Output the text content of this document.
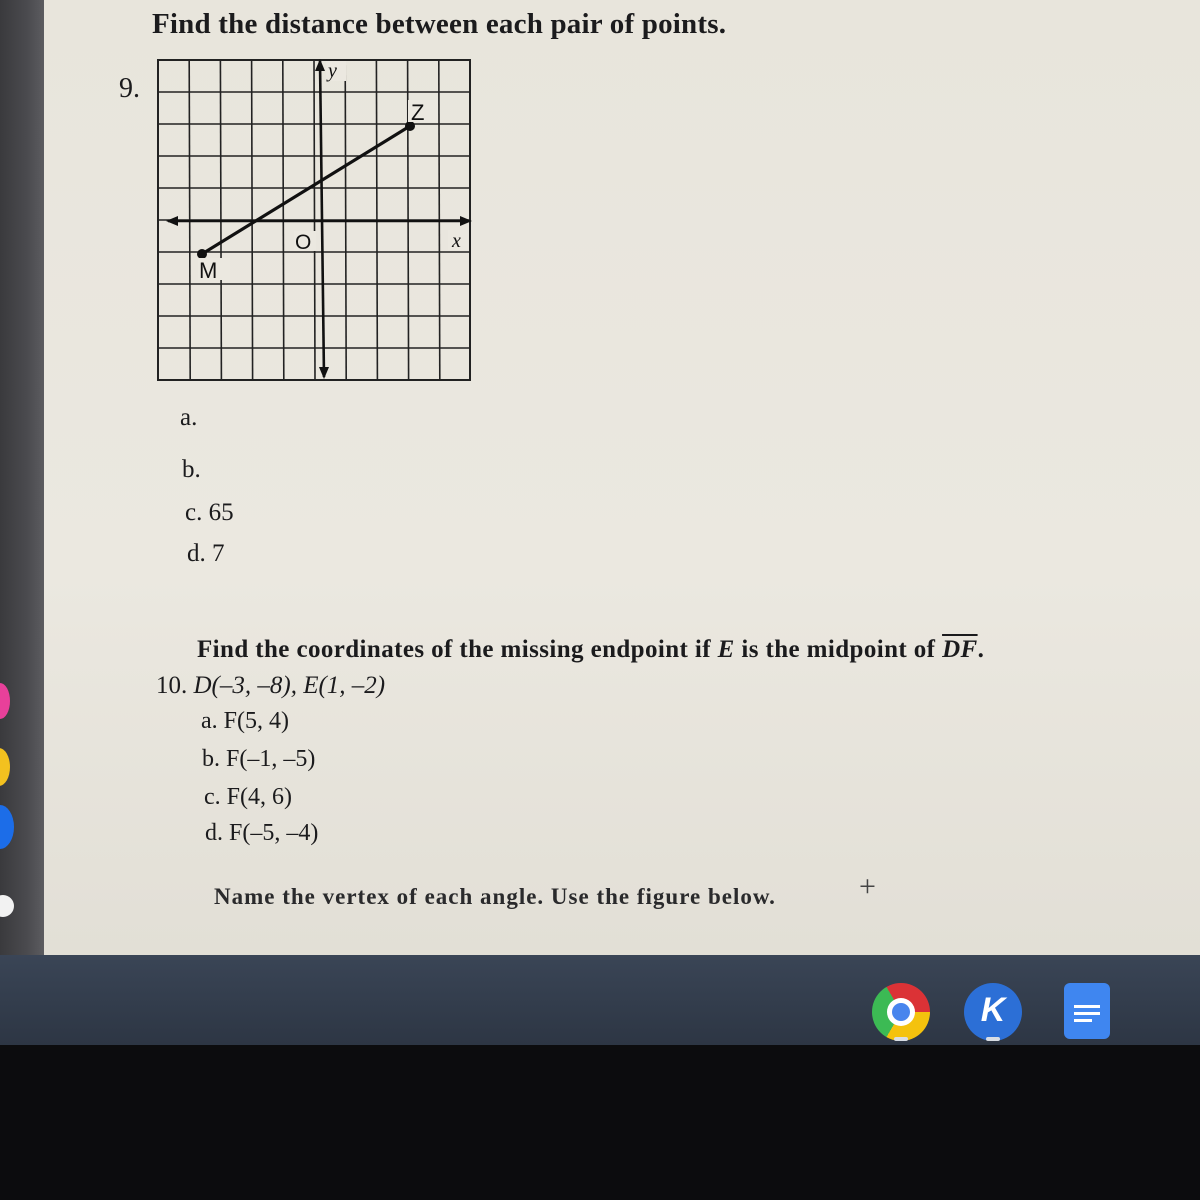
Find the distance between each pair of points.
9.
Z
M
O	x
y
a.
b.
c. 65
d. 7
Find the coordinates of the missing endpoint if E is the midpoint of $\overline{DF}$.
10. D(–3, –8), E(1, –2)
a. F(5, 4)
b. F(–1, –5)
c. F(4, 6)
d. F(–5, –4)
Name the vertex of each angle. Use the figure below.	+
K
